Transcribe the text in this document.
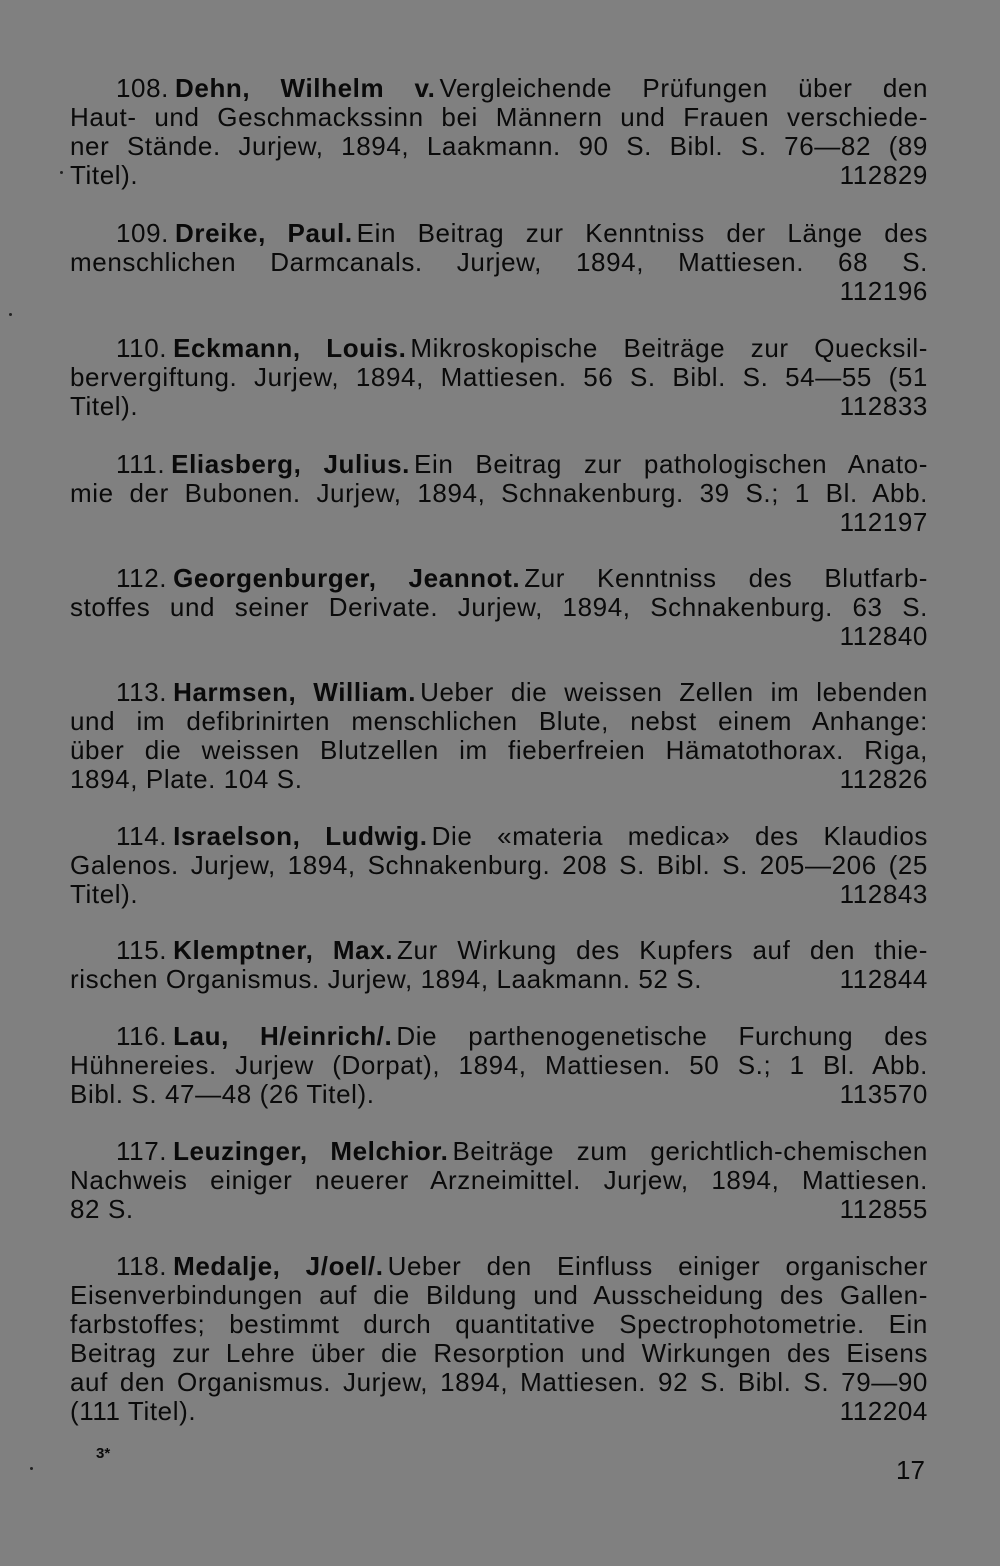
108. Dehn, Wilhelm v. Vergleichende Prüfungen über den
Haut- und Geschmackssinn bei Männern und Frauen verschiede-
ner Stände. Jurjew, 1894, Laakmann. 90 S. Bibl. S. 76—82 (89
Titel).	112829
109. Dreike, Paul. Ein Beitrag zur Kenntniss der Länge des
menschlichen Darmcanals. Jurjew, 1894, Mattiesen. 68 S.
112196
110. Eckmann, Louis. Mikroskopische Beiträge zur Quecksil-
bervergiftung. Jurjew, 1894, Mattiesen. 56 S. Bibl. S. 54—55 (51
Titel).	112833
111. Eliasberg, Julius. Ein Beitrag zur pathologischen Anato-
mie der Bubonen. Jurjew, 1894, Schnakenburg. 39 S.; 1 Bl. Abb.
112197
112. Georgenburger, Jeannot. Zur Kenntniss des Blutfarb-
stoffes und seiner Derivate. Jurjew, 1894, Schnakenburg. 63 S.
112840
113. Harmsen, William. Ueber die weissen Zellen im lebenden
und im defibrinirten menschlichen Blute, nebst einem Anhange:
über die weissen Blutzellen im fieberfreien Hämatothorax. Riga,
1894, Plate. 104 S.	112826
114. Israelson, Ludwig. Die «materia medica» des Klaudios
Galenos. Jurjew, 1894, Schnakenburg. 208 S. Bibl. S. 205—206 (25
Titel).	112843
115. Klemptner, Max. Zur Wirkung des Kupfers auf den thie-
rischen Organismus. Jurjew, 1894, Laakmann. 52 S.	112844
116. Lau, H/einrich/. Die parthenogenetische Furchung des
Hühnereies. Jurjew (Dorpat), 1894, Mattiesen. 50 S.; 1 Bl. Abb.
Bibl. S. 47—48 (26 Titel).	113570
117. Leuzinger, Melchior. Beiträge zum gerichtlich-chemischen
Nachweis einiger neuerer Arzneimittel. Jurjew, 1894, Mattiesen.
82 S.	112855
118. Medalje, J/oel/. Ueber den Einfluss einiger organischer
Eisenverbindungen auf die Bildung und Ausscheidung des Gallen-
farbstoffes; bestimmt durch quantitative Spectrophotometrie. Ein
Beitrag zur Lehre über die Resorption und Wirkungen des Eisens
auf den Organismus. Jurjew, 1894, Mattiesen. 92 S. Bibl. S. 79—90
(111 Titel).	112204
3*
17
